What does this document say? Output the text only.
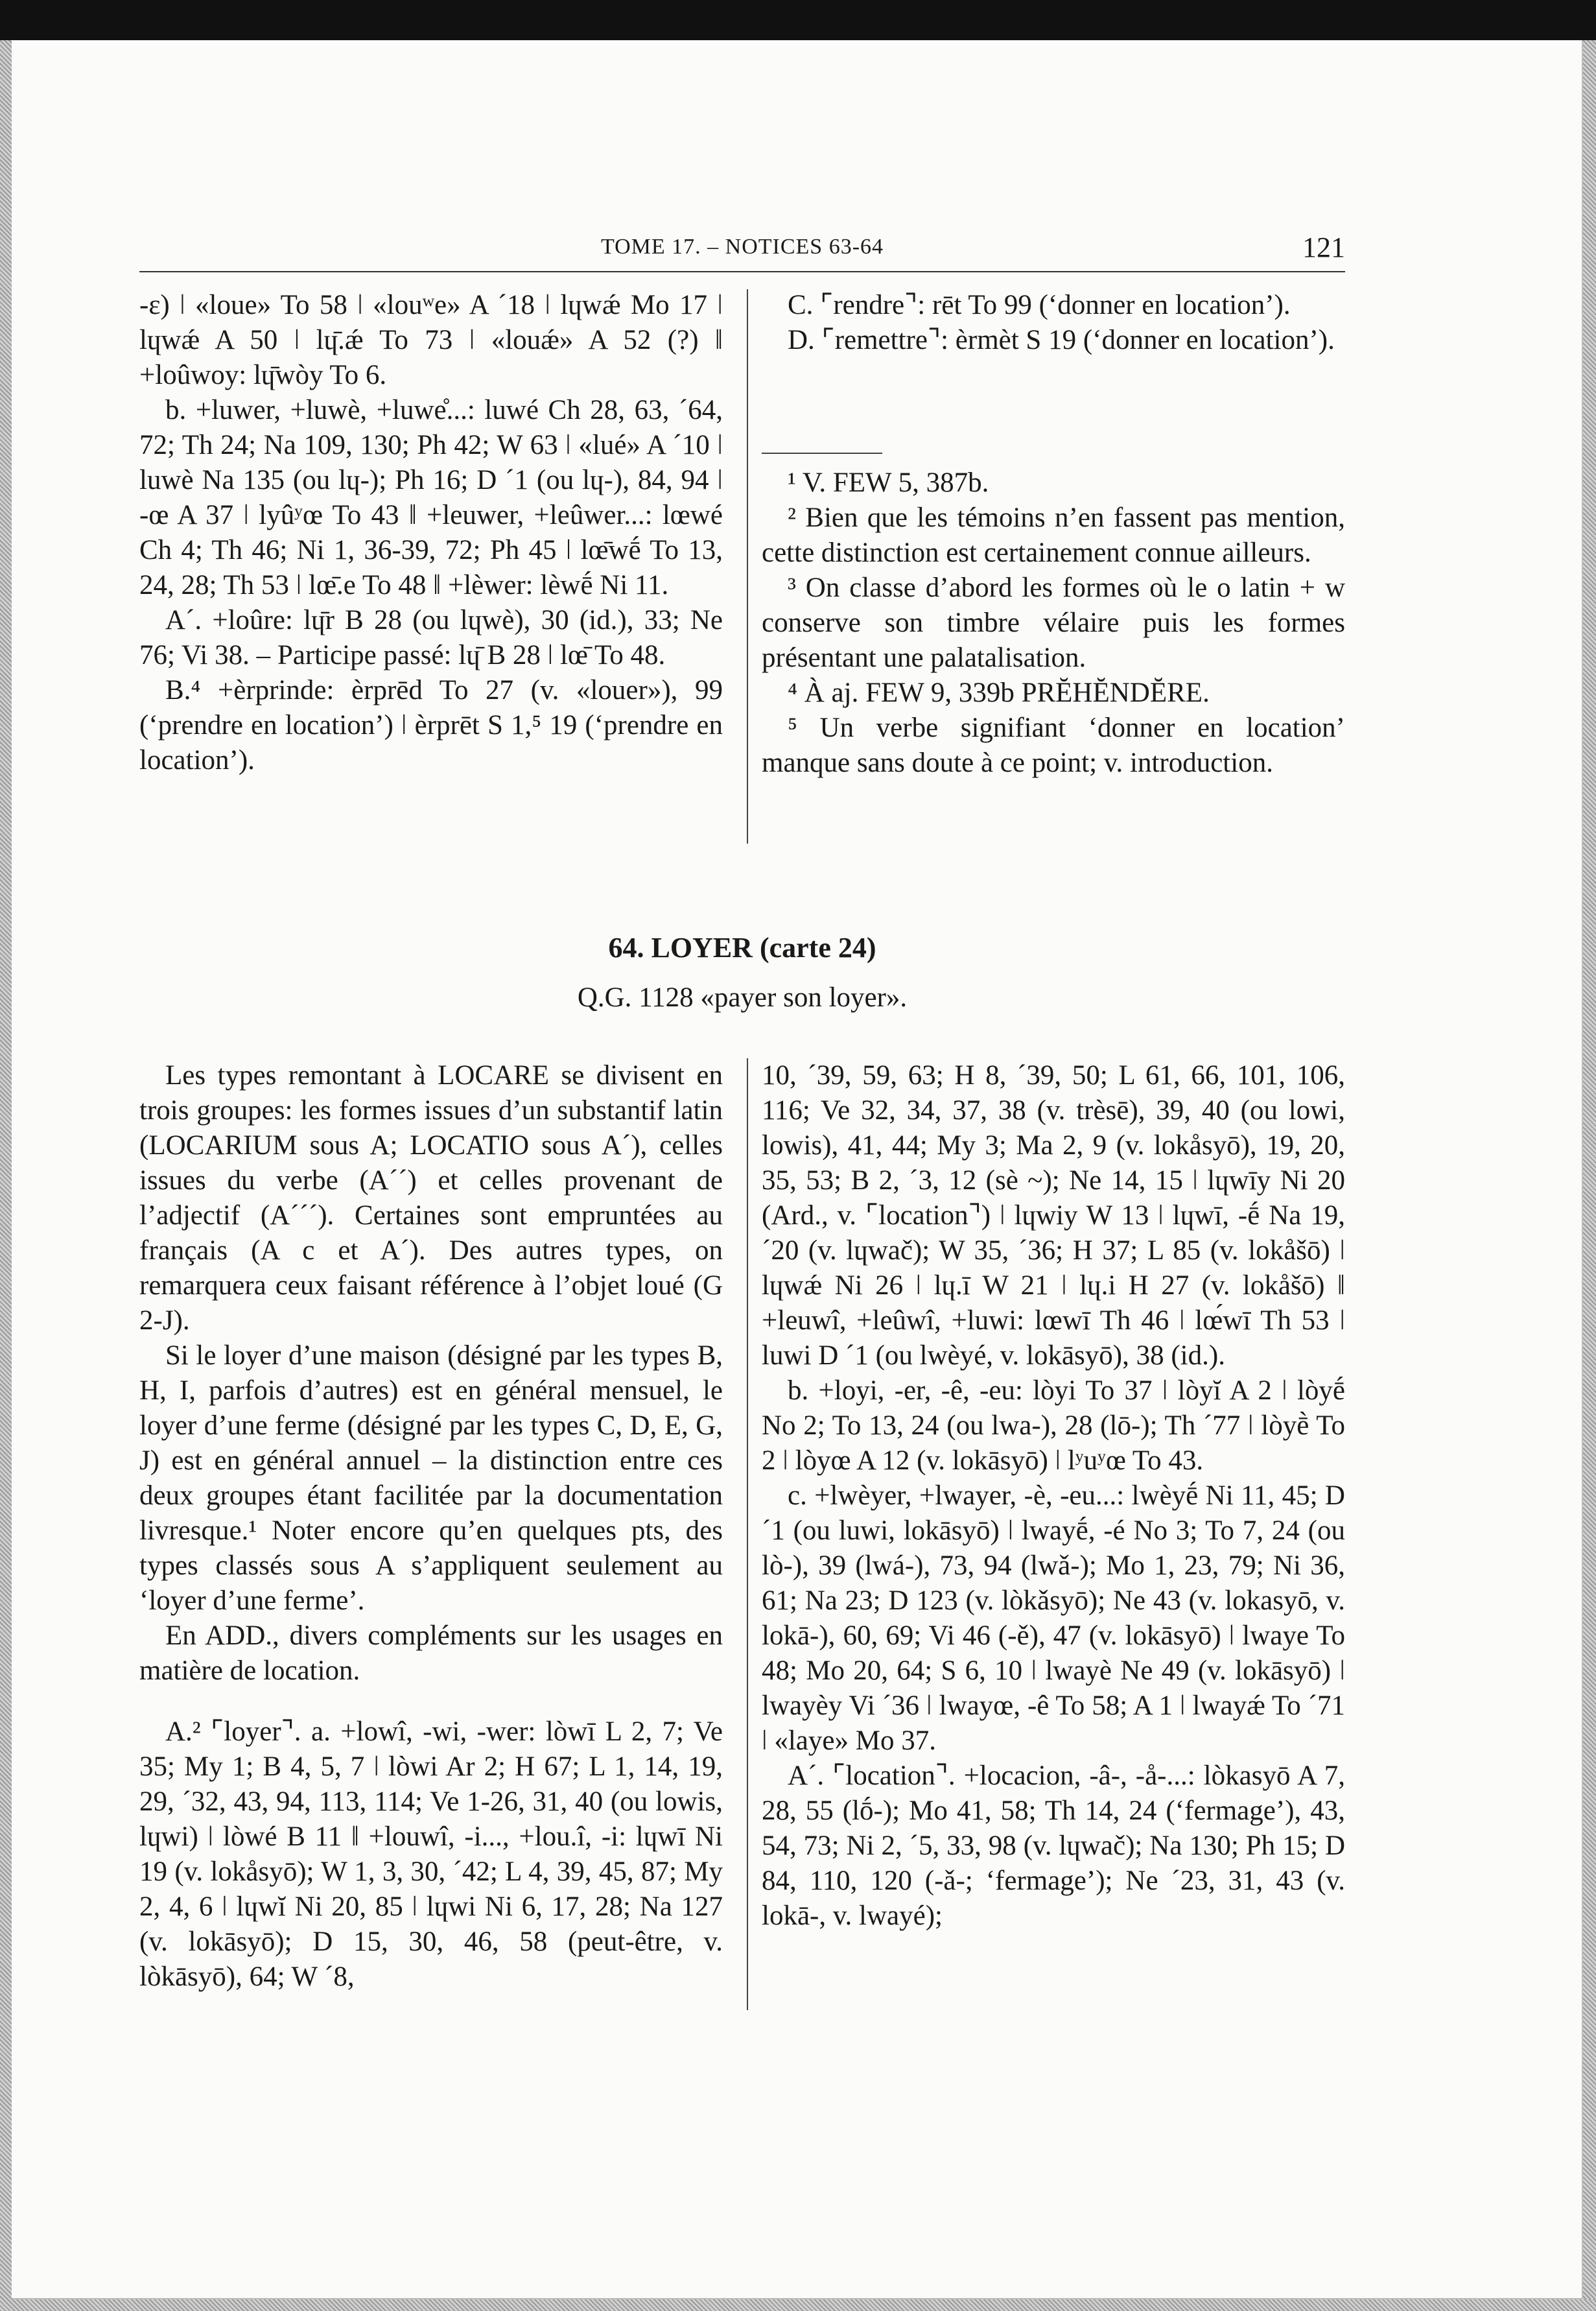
TOME 17. – NOTICES 63-64	121

-ɛ) ǀ «loue» To 58 ǀ «louʷe» A ´18 ǀ lɥwǽ Mo 17 ǀ lɥwǽ A 50 ǀ lɥ̄.ǽ To 73 ǀ «louǽ» A 52 (?) ǁ +loûwoy: lɥ̄wòy To 6.

b. +luwer, +luwè, +luwe̊...: luwé Ch 28, 63, ´64, 72; Th 24; Na 109, 130; Ph 42; W 63 ǀ «lué» A ´10 ǀ luwè Na 135 (ou lɥ-); Ph 16; D ´1 (ou lɥ-), 84, 94 ǀ -œ A 37 ǀ lyûʸœ To 43 ǁ +leuwer, +leûwer...: lœwé Ch 4; Th 46; Ni 1, 36-39, 72; Ph 45 ǀ lœ̄wḗ To 13, 24, 28; Th 53 ǀ lœ̄.e To 48 ǁ +lèwer: lèwḗ Ni 11.

A´. +loûre: lɥ̄r B 28 (ou lɥwè), 30 (id.), 33; Ne 76; Vi 38. – Participe passé: lɥ̄ B 28 ǀ lœ̄ To 48.

B.⁴ +èrprinde: èrprēd To 27 (v. «louer»), 99 (‘prendre en location’) ǀ èrprēt S 1,⁵ 19 (‘prendre en location’).

C. ⌜rendre⌝: rēt To 99 (‘donner en location’).

D. ⌜remettre⌝: èrmèt S 19 (‘donner en location’).

¹ V. FEW 5, 387b.

² Bien que les témoins n’en fassent pas mention, cette distinction est certainement connue ailleurs.

³ On classe d’abord les formes où le o latin + w conserve son timbre vélaire puis les formes présentant une palatalisation.

⁴ À aj. FEW 9, 339b PRĔHĔNDĔRE.

⁵ Un verbe signifiant ‘donner en location’ manque sans doute à ce point; v. introduction.

64. LOYER (carte 24)
Q.G. 1128 «payer son loyer».

Les types remontant à LOCARE se divisent en trois groupes: les formes issues d’un substantif latin (LOCARIUM sous A; LOCATIO sous A´), celles issues du verbe (A´´) et celles provenant de l’adjectif (A´´´). Certaines sont empruntées au français (A c et A´). Des autres types, on remarquera ceux faisant référence à l’objet loué (G 2-J).

Si le loyer d’une maison (désigné par les types B, H, I, parfois d’autres) est en général mensuel, le loyer d’une ferme (désigné par les types C, D, E, G, J) est en général annuel – la distinction entre ces deux groupes étant facilitée par la documentation livresque.¹ Noter encore qu’en quelques pts, des types classés sous A s’appliquent seulement au ‘loyer d’une ferme’.

En ADD., divers compléments sur les usages en matière de location.

A.² ⌜loyer⌝. a. +lowî, -wi, -wer: lòwī L 2, 7; Ve 35; My 1; B 4, 5, 7 ǀ lòwi Ar 2; H 67; L 1, 14, 19, 29, ´32, 43, 94, 113, 114; Ve 1-26, 31, 40 (ou lowis, lɥwi) ǀ lòwé B 11 ǁ +louwî, -i..., +lou.î, -i: lɥwī Ni 19 (v. lokåsyō); W 1, 3, 30, ´42; L 4, 39, 45, 87; My 2, 4, 6 ǀ lɥwĭ Ni 20, 85 ǀ lɥwi Ni 6, 17, 28; Na 127 (v. lokāsyō); D 15, 30, 46, 58 (peut-être, v. lòkāsyō), 64; W ´8,

10, ´39, 59, 63; H 8, ´39, 50; L 61, 66, 101, 106, 116; Ve 32, 34, 37, 38 (v. trèsē), 39, 40 (ou lowi, lowis), 41, 44; My 3; Ma 2, 9 (v. lokåsyō), 19, 20, 35, 53; B 2, ´3, 12 (sè ~); Ne 14, 15 ǀ lɥwīy Ni 20 (Ard., v. ⌜location⌝) ǀ lɥwiy W 13 ǀ lɥwī, -ḗ Na 19, ´20 (v. lɥwač); W 35, ´36; H 37; L 85 (v. lokåšō) ǀ lɥwǽ Ni 26 ǀ lɥ.ī W 21 ǀ lɥ.i H 27 (v. lokåšō) ǁ +leuwî, +leûwî, +luwi: lœwī Th 46 ǀ lœ́wī Th 53 ǀ luwi D ´1 (ou lwèyé, v. lokāsyō), 38 (id.).

b. +loyi, -er, -ê, -eu: lòyi To 37 ǀ lòyĭ A 2 ǀ lòyḗ No 2; To 13, 24 (ou lwa-), 28 (lō-); Th ´77 ǀ lòyḕ To 2 ǀ lòyœ A 12 (v. lokāsyō) ǀ lʸuʸœ To 43.

c. +lwèyer, +lwayer, -è, -eu...: lwèyḗ Ni 11, 45; D ´1 (ou luwi, lokāsyō) ǀ lwayḗ, -é No 3; To 7, 24 (ou lò-), 39 (lwá-), 73, 94 (lwǎ-); Mo 1, 23, 79; Ni 36, 61; Na 23; D 123 (v. lòkǎsyō); Ne 43 (v. lokasyō, v. lokā-), 60, 69; Vi 46 (-ě), 47 (v. lokāsyō) ǀ lwaye To 48; Mo 20, 64; S 6, 10 ǀ lwayè Ne 49 (v. lokāsyō) ǀ lwayèy Vi ´36 ǀ lwayœ, -ê To 58; A 1 ǀ lwayǽ To ´71 ǀ «laye» Mo 37.

A´. ⌜location⌝. +locacion, -â-, -å-...: lòkasyō A 7, 28, 55 (lṓ-); Mo 41, 58; Th 14, 24 (‘fermage’), 43, 54, 73; Ni 2, ´5, 33, 98 (v. lɥwač); Na 130; Ph 15; D 84, 110, 120 (-ǎ-; ‘fermage’); Ne ´23, 31, 43 (v. lokā-, v. lwayé);
